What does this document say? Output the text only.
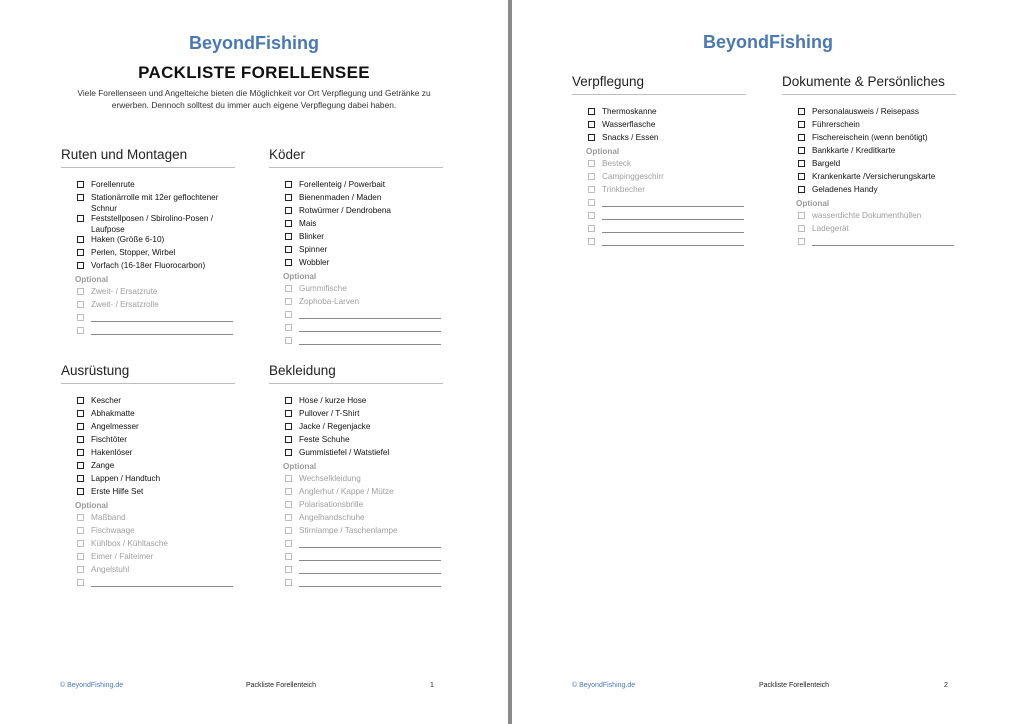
BeyondFishing
PACKLISTE FORELLENSEE
Viele Forellenseen und Angelteiche bieten die Möglichkeit vor Ort Verpflegung und Getränke zu erwerben. Dennoch solltest du immer auch eigene Verpflegung dabei haben.
Ruten und Montagen
Forellenrute
Stationärrolle mit 12er geflochtener Schnur
Feststellposen / Sbirolino-Posen / Laufpose
Haken (Größe 6-10)
Perlen, Stopper, Wirbel
Vorfach (16-18er Fluorocarbon)
Optional
Zweit- / Ersatzrute
Zweit- / Ersatzrolle
Köder
Forellenteig / Powerbait
Bienenmaden / Maden
Rotwürmer / Dendrobena
Mais
Blinker
Spinner
Wobbler
Optional
Gummifische
Zophoba-Larven
Ausrüstung
Kescher
Abhakmatte
Angelmesser
Fischtöter
Hakenlöser
Zange
Lappen / Handtuch
Erste Hilfe Set
Optional
Maßband
Fischwaage
Kühlbox / Kühltasche
Eimer / Falteimer
Angelstuhl
Bekleidung
Hose / kurze Hose
Pullover / T-Shirt
Jacke / Regenjacke
Feste Schuhe
Gummistiefel / Watstiefel
Optional
Wechselkleidung
Anglerhut / Kappe / Mütze
Polarisationsbrille
Angelhandschuhe
Stirnlampe / Taschenlampe
© BeyondFishing.de	Packliste Forellenteich	1
BeyondFishing
Verpflegung
Thermoskanne
Wasserflasche
Snacks / Essen
Optional
Besteck
Campinggeschirr
Trinkbecher
Dokumente & Persönliches
Personalausweis / Reisepass
Führerschein
Fischereischein (wenn benötigt)
Bankkarte / Kreditkarte
Bargeld
Krankenkarte /Versicherungskarte
Geladenes Handy
Optional
wasserdichte Dokumenthüllen
Ladegerät
© BeyondFishing.de	Packliste Forellenteich	2
